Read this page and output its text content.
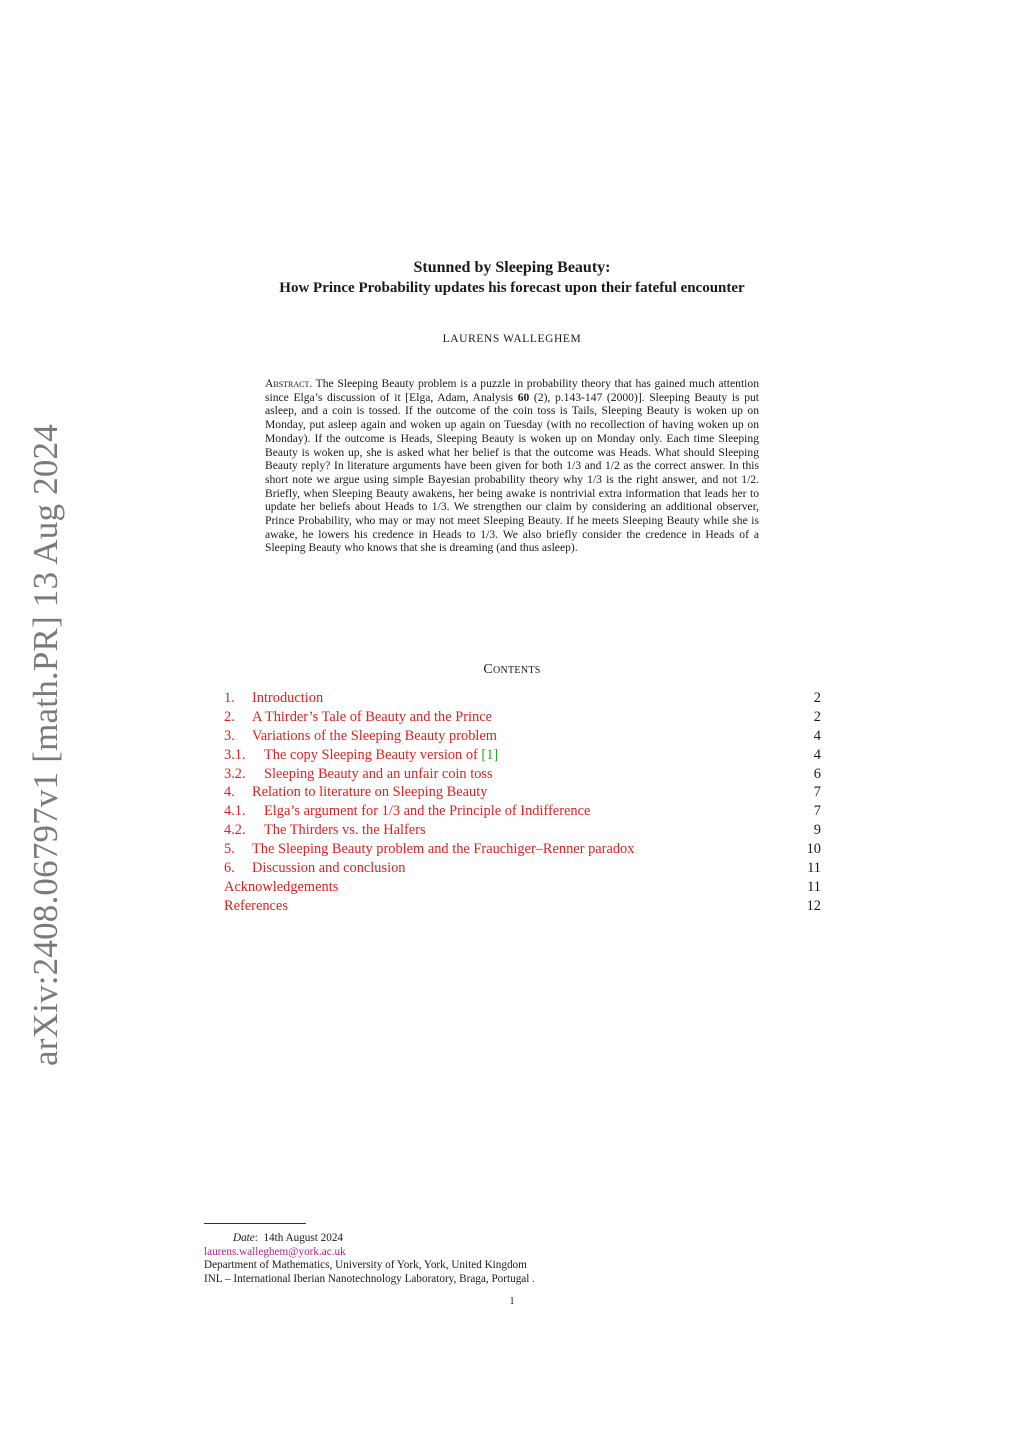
arXiv:2408.06797v1 [math.PR] 13 Aug 2024
Stunned by Sleeping Beauty:
How Prince Probability updates his forecast upon their fateful encounter
LAURENS WALLEGHEM
Abstract. The Sleeping Beauty problem is a puzzle in probability theory that has gained much attention since Elga’s discussion of it [Elga, Adam, Analysis 60 (2), p.143-147 (2000)]. Sleeping Beauty is put asleep, and a coin is tossed. If the outcome of the coin toss is Tails, Sleeping Beauty is woken up on Monday, put asleep again and woken up again on Tuesday (with no recollection of having woken up on Monday). If the outcome is Heads, Sleeping Beauty is woken up on Monday only. Each time Sleeping Beauty is woken up, she is asked what her belief is that the outcome was Heads. What should Sleeping Beauty reply? In literature arguments have been given for both 1/3 and 1/2 as the correct answer. In this short note we argue using simple Bayesian probability theory why 1/3 is the right answer, and not 1/2. Briefly, when Sleeping Beauty awakens, her being awake is nontrivial extra information that leads her to update her beliefs about Heads to 1/3. We strengthen our claim by considering an additional observer, Prince Probability, who may or may not meet Sleeping Beauty. If he meets Sleeping Beauty while she is awake, he lowers his credence in Heads to 1/3. We also briefly consider the credence in Heads of a Sleeping Beauty who knows that she is dreaming (and thus asleep).
Contents
1. Introduction	2
2. A Thirder’s Tale of Beauty and the Prince	2
3. Variations of the Sleeping Beauty problem	4
3.1. The copy Sleeping Beauty version of [1]	4
3.2. Sleeping Beauty and an unfair coin toss	6
4. Relation to literature on Sleeping Beauty	7
4.1. Elga’s argument for 1/3 and the Principle of Indifference	7
4.2. The Thirders vs. the Halfers	9
5. The Sleeping Beauty problem and the Frauchiger–Renner paradox	10
6. Discussion and conclusion	11
Acknowledgements	11
References	12
Date: 14th August 2024
laurens.walleghem@york.ac.uk
Department of Mathematics, University of York, York, United Kingdom
INL – International Iberian Nanotechnology Laboratory, Braga, Portugal .
1
